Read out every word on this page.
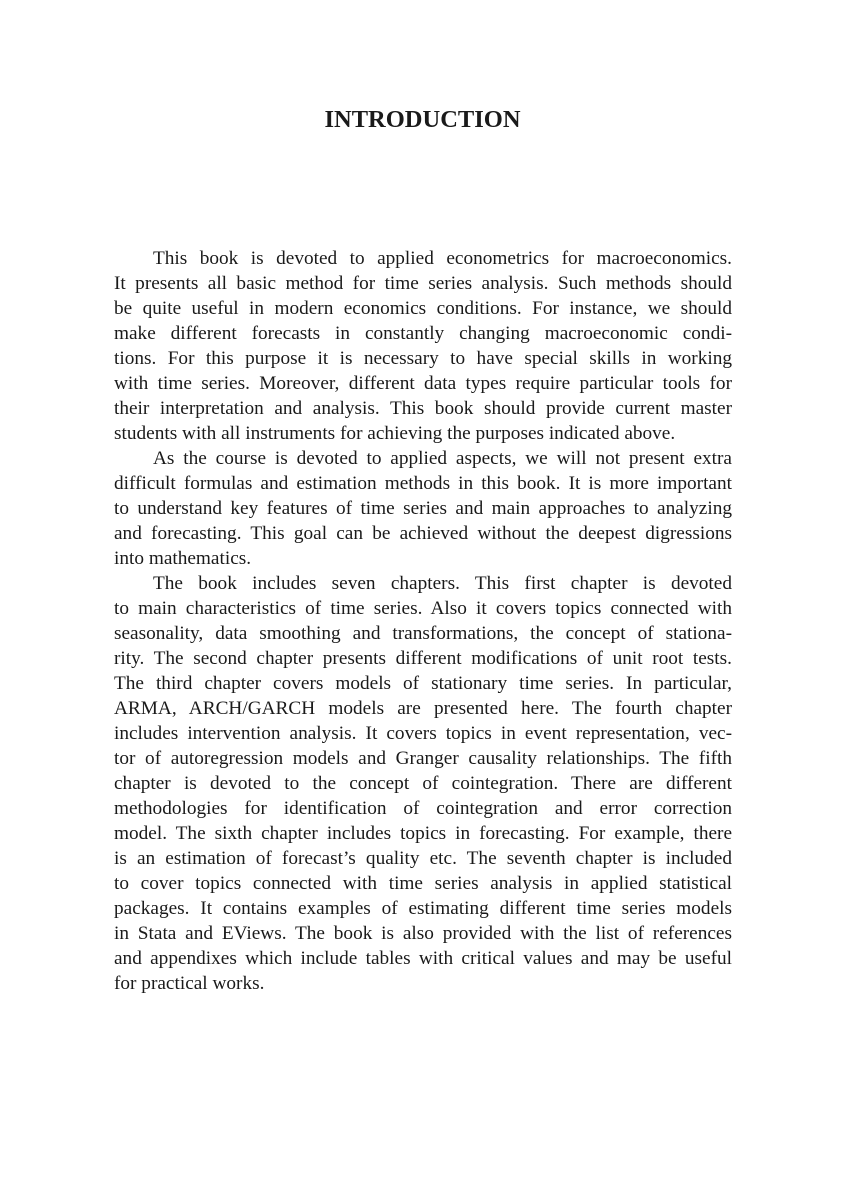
INTRODUCTION
This book is devoted to applied econometrics for macroeconomics.
It presents all basic method for time series analysis. Such methods should
be quite useful in modern economics conditions. For instance, we should
make different forecasts in constantly changing macroeconomic condi-
tions. For this purpose it is necessary to have special skills in working
with time series. Moreover, different data types require particular tools for
their interpretation and analysis. This book should provide current master
students with all instruments for achieving the purposes indicated above.
As the course is devoted to applied aspects, we will not present extra
difficult formulas and estimation methods in this book. It is more important
to understand key features of time series and main approaches to analyzing
and forecasting. This goal can be achieved without the deepest digressions
into mathematics.
The book includes seven chapters. This first chapter is devoted
to main characteristics of time series. Also it covers topics connected with
seasonality, data smoothing and transformations, the concept of stationa-
rity. The second chapter presents different modifications of unit root tests.
The third chapter covers models of stationary time series. In particular,
ARMA, ARCH/GARCH models are presented here. The fourth chapter
includes intervention analysis. It covers topics in event representation, vec-
tor of autoregression models and Granger causality relationships. The fifth
chapter is devoted to the concept of cointegration. There are different
methodologies for identification of cointegration and error correction
model. The sixth chapter includes topics in forecasting. For example, there
is an estimation of forecast’s quality etc. The seventh chapter is included
to cover topics connected with time series analysis in applied statistical
packages. It contains examples of estimating different time series models
in Stata and EViews. The book is also provided with the list of references
and appendixes which include tables with critical values and may be useful
for practical works.
